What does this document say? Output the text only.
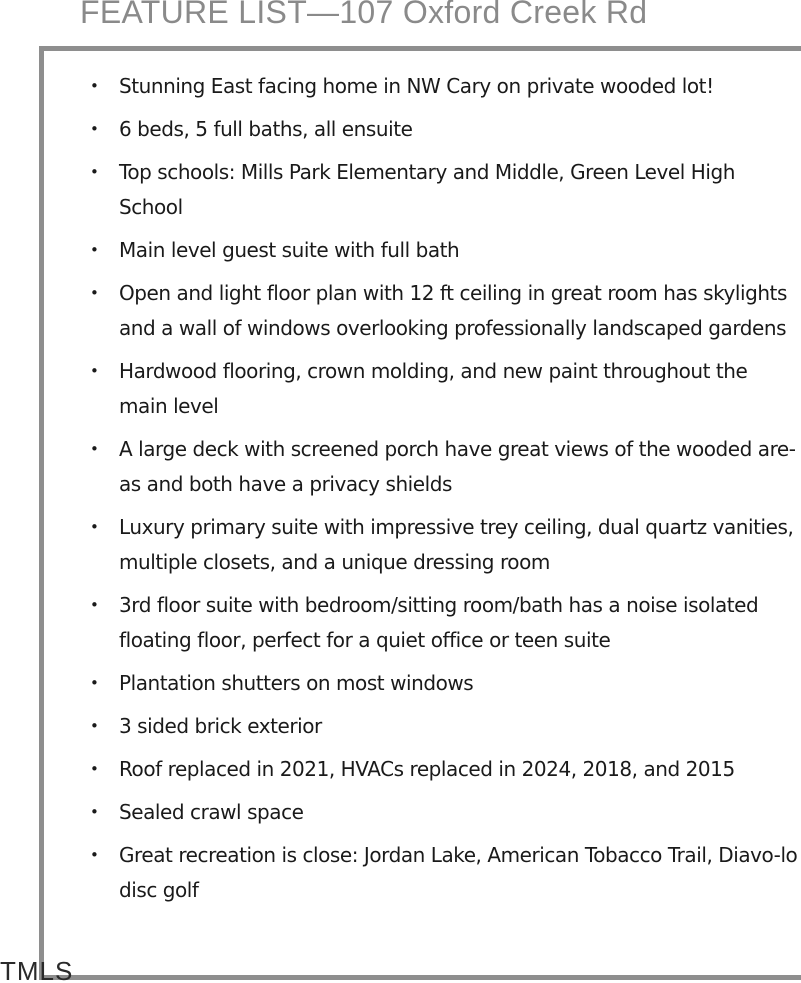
FEATURE LIST—107 Oxford Creek Rd
• Stunning East facing home in NW Cary on private wooded lot!
• 6 beds, 5 full baths, all ensuite
• Top schools: Mills Park Elementary and Middle, Green Level High School
• Main level guest suite with full bath
• Open and light floor plan with 12 ft ceiling in great room has skylights and a wall of windows overlooking professionally landscaped gardens
• Hardwood flooring, crown molding, and new paint throughout the main level
• A large deck with screened porch have great views of the wooded are-as and both have a privacy shields
• Luxury primary suite with impressive trey ceiling, dual quartz vanities, multiple closets, and a unique dressing room
• 3rd floor suite with bedroom/sitting room/bath has a noise isolated floating floor, perfect for a quiet office or teen suite
• Plantation shutters on most windows
• 3 sided brick exterior
• Roof replaced in 2021, HVACs replaced in 2024, 2018, and 2015
• Sealed crawl space
• Great recreation is close: Jordan Lake, American Tobacco Trail, Diavo-lo disc golf
TMLS
